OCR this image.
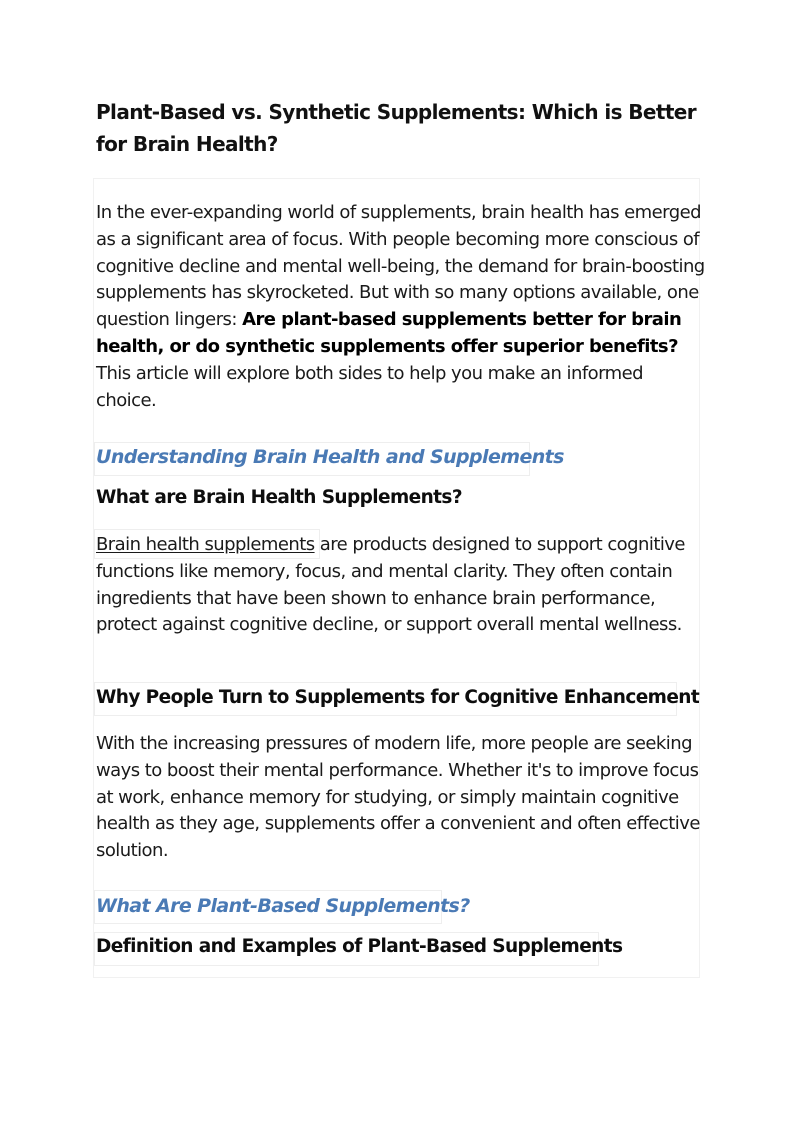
Plant-Based vs. Synthetic Supplements: Which is Better for Brain Health?

In the ever-expanding world of supplements, brain health has emerged as a significant area of focus. With people becoming more conscious of cognitive decline and mental well-being, the demand for brain-boosting supplements has skyrocketed. But with so many options available, one question lingers: Are plant-based supplements better for brain health, or do synthetic supplements offer superior benefits? This article will explore both sides to help you make an informed choice.

Understanding Brain Health and Supplements
What are Brain Health Supplements?

Brain health supplements are products designed to support cognitive functions like memory, focus, and mental clarity. They often contain ingredients that have been shown to enhance brain performance, protect against cognitive decline, or support overall mental wellness.

Why People Turn to Supplements for Cognitive Enhancement

With the increasing pressures of modern life, more people are seeking ways to boost their mental performance. Whether it's to improve focus at work, enhance memory for studying, or simply maintain cognitive health as they age, supplements offer a convenient and often effective solution.

What Are Plant-Based Supplements?
Definition and Examples of Plant-Based Supplements
